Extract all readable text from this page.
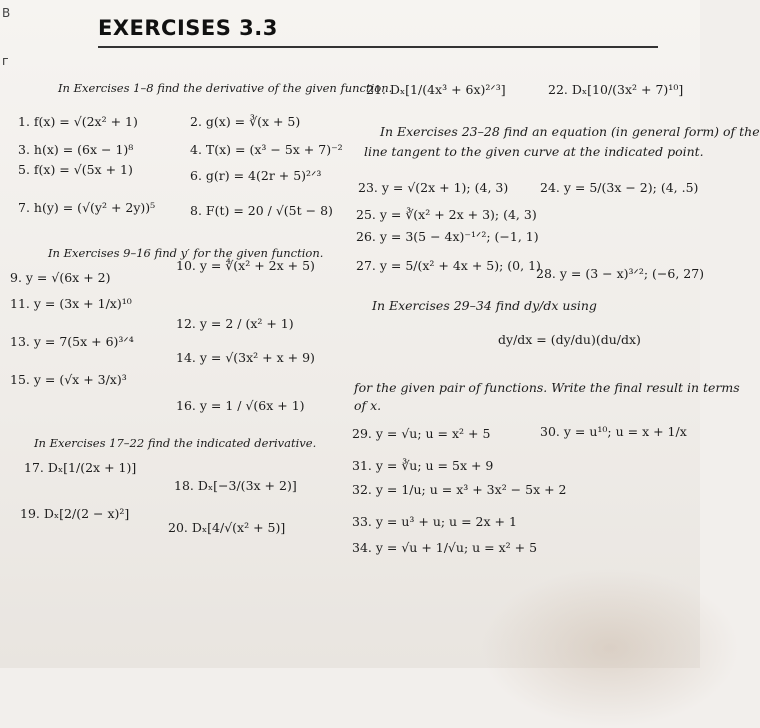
B
ᴦ
EXERCISES 3.3
In Exercises 1–8 find the derivative of the given function.
1. f(x) = √(2x² + 1)	2. g(x) = ∛(x + 5)
3. h(x) = (6x − 1)⁸	4. T(x) = (x³ − 5x + 7)⁻²
5. f(x) = √(5x + 1)	6. g(r) = 4(2r + 5)²ᐟ³
7. h(y) = (√(y² + 2y))⁵	8. F(t) = 20 / √(5t − 8)
In Exercises 9–16 find y′ for the given function.
9. y = √(6x + 2)
10. y = ∜(x² + 2x + 5)
11. y = (3x + 1/x)¹⁰
12. y = 2 / (x² + 1)
13. y = 7(5x + 6)³ᐟ⁴
14. y = √(3x² + x + 9)
15. y = (√x + 3/x)³
16. y = 1 / √(6x + 1)
In Exercises 17–22 find the indicated derivative.
17. Dₓ[1/(2x + 1)]
18. Dₓ[−3/(3x + 2)]
19. Dₓ[2/(2 − x)²]
20. Dₓ[4/√(x² + 5)]
21. Dₓ[1/(4x³ + 6x)²ᐟ³]	22. Dₓ[10/(3x² + 7)¹⁰]
In Exercises 23–28 find an equation (in general form) of the
line tangent to the given curve at the indicated point.
23. y = √(2x + 1); (4, 3)	24. y = 5/(3x − 2); (4, .5)
25. y = ∛(x² + 2x + 3); (4, 3)
26. y = 3(5 − 4x)⁻¹ᐟ²; (−1, 1)
27. y = 5/(x² + 4x + 5); (0, 1)
28. y = (3 − x)³ᐟ²; (−6, 27)
In Exercises 29–34 find dy/dx using
dy/dx = (dy/du)(du/dx)
for the given pair of functions. Write the final result in terms
of x.
29. y = √u; u = x² + 5	30. y = u¹⁰; u = x + 1/x
31. y = ∛u; u = 5x + 9
32. y = 1/u; u = x³ + 3x² − 5x + 2
33. y = u³ + u; u = 2x + 1
34. y = √u + 1/√u; u = x² + 5
